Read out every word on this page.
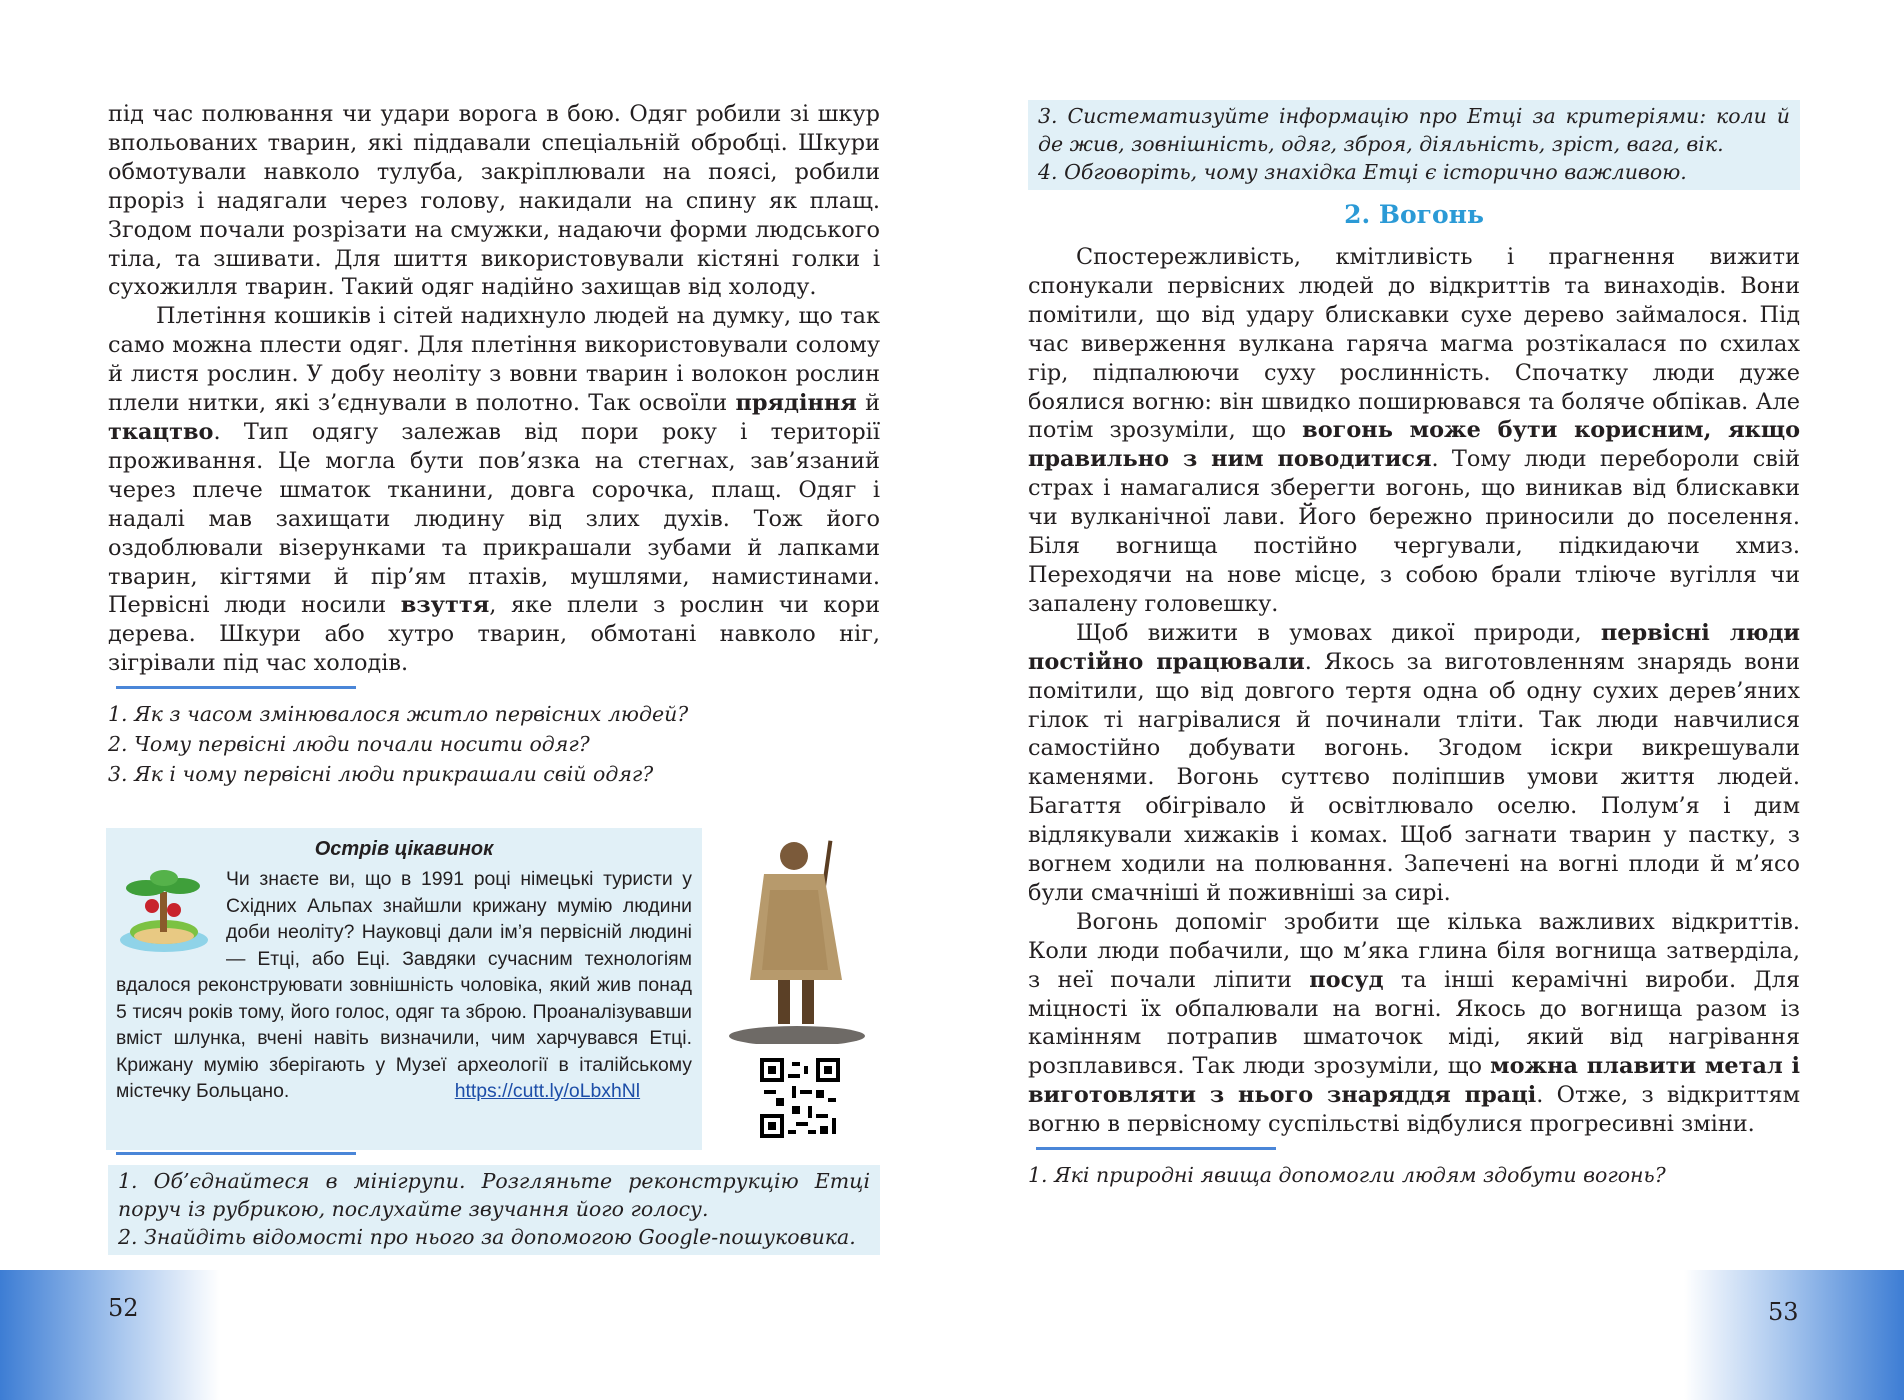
під час полювання чи удари ворога в бою. Одяг робили зі шкур впольованих тварин, які піддавали спеціальній обробці. Шкури обмотували навколо тулуба, закріплювали на поясі, робили проріз і надягали через голову, накидали на спину як плащ. Згодом почали розрізати на смужки, надаючи форми людського тіла, та зшивати. Для шиття використовували кістяні голки і сухожилля тварин. Такий одяг надійно захищав від холоду.

Плетіння кошиків і сітей надихнуло людей на думку, що так само можна плести одяг. Для плетіння використовували солому й листя рослин. У добу неоліту з вовни тварин і волокон рослин плели нитки, які з’єднували в полотно. Так освоїли прядіння й ткацтво. Тип одягу залежав від пори року і території проживання. Це могла бути пов’язка на стегнах, зав’язаний через плече шматок тканини, довга сорочка, плащ. Одяг і надалі мав захищати людину від злих духів. Тож його оздоблювали візерунками та прикрашали зубами й лапками тварин, кігтями й пір’ям птахів, мушлями, намистинами. Первісні люди носили взуття, яке плели з рослин чи кори дерева. Шкури або хутро тварин, обмотані навколо ніг, зігрівали під час холодів.

1. Як з часом змінювалося житло первісних людей?

2. Чому первісні люди почали носити одяг?

3. Як і чому первісні люди прикрашали свій одяг?

Острів цікавинок
Чи знаєте ви, що в 1991 році німецькі туристи у Східних Альпах знайшли крижану мумію людини доби неоліту? Науковці дали ім’я первісній людині — Етці, або Еці. Завдяки сучасним технологіям вдалося реконструювати зовнішність чоловіка, який жив понад 5 тисяч років тому, його голос, одяг та зброю. Проаналізувавши вміст шлунка, вчені навіть визначили, чим харчувався Етці. Крижану мумію зберігають у Музеї археології в італійському містечку Больцано.	https://cutt.ly/oLbxhNl

1. Об’єднайтеся в мінігрупи. Розгляньте реконструкцію Етці поруч із рубрикою, послухайте звучання його голосу.

2. Знайдіть відомості про нього за допомогою Google-пошуковика.

52

3. Систематизуйте інформацію про Етці за критеріями: коли й де жив, зовнішність, одяг, зброя, діяльність, зріст, вага, вік.

4. Обговоріть, чому знахідка Етці є історично важливою.

2. Вогонь

Спостережливість, кмітливість і прагнення вижити спонукали первісних людей до відкриттів та винаходів. Вони помітили, що від удару блискавки сухе дерево займалося. Під час виверження вулкана гаряча магма розтікалася по схилах гір, підпалюючи суху рослинність. Спочатку люди дуже боялися вогню: він швидко поширювався та боляче обпікав. Але потім зрозуміли, що вогонь може бути корисним, якщо правильно з ним поводитися. Тому люди перебороли свій страх і намагалися зберегти вогонь, що виникав від блискавки чи вулканічної лави. Його бережно приносили до поселення. Біля вогнища постійно чергували, підкидаючи хмиз. Переходячи на нове місце, з собою брали тліюче вугілля чи запалену головешку.

Щоб вижити в умовах дикої природи, первісні люди постійно працювали. Якось за виготовленням знарядь вони помітили, що від довгого тертя одна об одну сухих дерев’яних гілок ті нагрівалися й починали тліти. Так люди навчилися самостійно добувати вогонь. Згодом іскри викрешували каменями. Вогонь суттєво поліпшив умови життя людей. Багаття обігрівало й освітлювало оселю. Полум’я і дим відлякували хижаків і комах. Щоб загнати тварин у пастку, з вогнем ходили на полювання. Запечені на вогні плоди й м’ясо були смачніші й поживніші за сирі.

Вогонь допоміг зробити ще кілька важливих відкриттів. Коли люди побачили, що м’яка глина біля вогнища затверділа, з неї почали ліпити посуд та інші керамічні вироби. Для міцності їх обпалювали на вогні. Якось до вогнища разом із камінням потрапив шматочок міді, який від нагрівання розплавився. Так люди зрозуміли, що можна плавити метал і виготовляти з нього знаряддя праці. Отже, з відкриттям вогню в первісному суспільстві відбулися прогресивні зміни.

1. Які природні явища допомогли людям здобути вогонь?

53
